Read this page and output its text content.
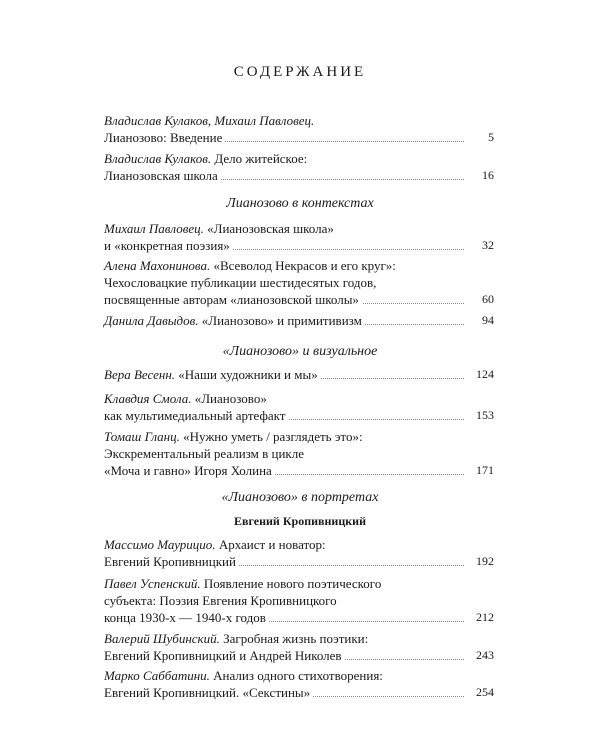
СОДЕРЖАНИЕ
Владислав Кулаков, Михаил Павловец.
Лианозово: Введение	5
Владислав Кулаков. Дело житейское:
Лианозовская школа	16
Лианозово в контекстах
Михаил Павловец. «Лианозовская школа»
и «конкретная поэзия»	32
Алена Махонинова. «Всеволод Некрасов и его круг»:
Чехословацкие публикации шестидесятых годов,
посвященные авторам «лианозовской школы»	60
Данила Давыдов. «Лианозово» и примитивизм	94
«Лианозово» и визуальное
Вера Весенн. «Наши художники и мы»	124
Клавдия Смола. «Лианозово»
как мультимедиальный артефакт	153
Томаш Гланц. «Нужно уметь / разглядеть это»:
Экскрементальный реализм в цикле
«Моча и гавно» Игоря Холина	171
«Лианозово» в портретах
Евгений Кропивницкий
Массимо Маурицио. Архаист и новатор:
Евгений Кропивницкий	192
Павел Успенский. Появление нового поэтического
субъекта: Поэзия Евгения Кропивницкого
конца 1930-х — 1940-х годов	212
Валерий Шубинский. Загробная жизнь поэтики:
Евгений Кропивницкий и Андрей Николев	243
Марко Саббатини. Анализ одного стихотворения:
Евгений Кропивницкий. «Секстины»	254
